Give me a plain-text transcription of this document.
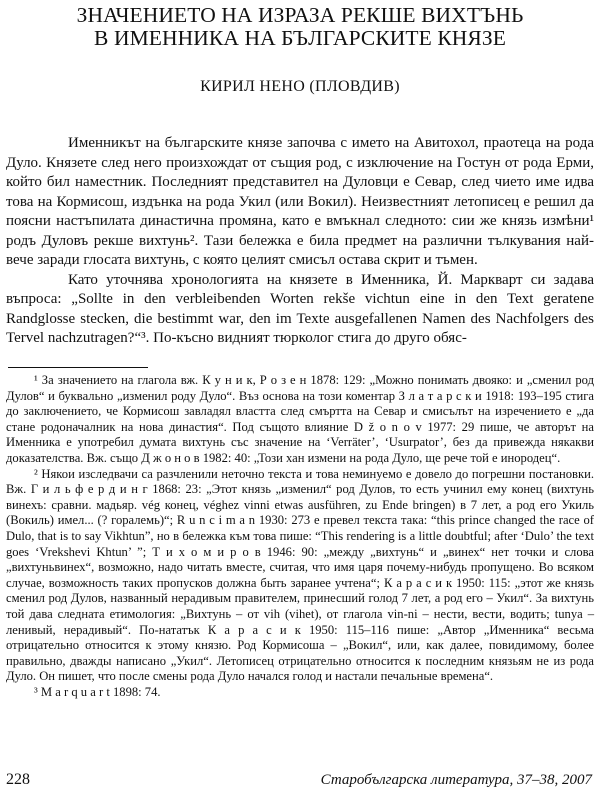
ЗНАЧЕНИЕТО НА ИЗРАЗА РЕКШЕ ВИХТЪНЬ
В ИМЕННИКА НА БЪЛГАРСКИТЕ КНЯЗЕ
КИРИЛ НЕНО (ПЛОВДИВ)

Именникът на българските князе започва с името на Авитохол, праотеца на рода Дуло. Князете след него произхождат от същия род, с изключение на Гостун от рода Ерми, който бил наместник. Последният представител на Дуловци е Севар, след чието име идва това на Кормисош, издънка на рода Укил (или Вокил). Неизвестният летописец е решил да поясни настъпилата династична промяна, като е вмъкнал следното: сии же князь измѣни¹ родъ Дуловъ рекше вихтунь². Тази бележка е била предмет на различни тълкувания най-вече заради глосата вихтунь, с която целият смисъл остава скрит и тъмен.

Като уточнява хронологията на князете в Именника, Й. Маркварт си задава въпроса: „Sollte in den verbleibenden Worten rekše vichtun eine in den Text geratene Randglosse stecken, die bestimmt war, den im Texte ausgefallenen Namen des Nachfolgers des Tervel nachzutragen?“³. По-късно видният тюрколог стига до друго обяс-

¹ За значението на глагола вж. К у н и к, Р о з е н 1878: 129: „Можно понимать двояко: и „сменил род Дулов“ и буквально „изменил роду Дуло“. Въз основа на този коментар З л а т а р с к и 1918: 193–195 стига до заключението, че Кормисош завладял властта след смъртта на Севар и смисълът на изречението е „да стане родоначалник на нова династия“. Под същото влияние D ž o n o v 1977: 29 пише, че авторът на Именника е употребил думата вихтунь със значение на ‘Verräter’, ‘Usurpator’, без да привежда някакви доказателства. Вж. също Д ж о н о в 1982: 40: „Този хан измени на рода Дуло, ще рече той е инородец“.

² Някои изследвачи са разчленили неточно текста и това неминуемо е довело до погрешни постановки. Вж. Г и л ь ф е р д и н г 1868: 23: „Этот князь „изменил“ род Дулов, то есть учинил ему конец (вихтунь винехъ: сравни. мадьяр. vég конец, véghez vinni etwas ausführen, zu Ende bringen) в 7 лет, а род его Укиль (Вокиль) имел... (? горалемь)“; R u n c i m a n 1930: 273 е превел текста така: “this prince changed the race of Dulo, that is to say Vikhtun”, но в бележка към това пише: “This rendering is a little doubtful; after ‘Dulo’ the text goes ‘Vrekshevi Khtun’ ”; Т и х о м и р о в 1946: 90: „между „вихтунь“ и „винех“ нет точки и слова „вихтуньвинех“, возможно, надо читать вместе, считая, что имя царя почему-нибудь пропущено. Во всяком случае, возможность таких пропусков должна быть заранее учтена“; К а р а с и к 1950: 115: „этот же князь сменил род Дулов, названный нерадивым правителем, принесший голод 7 лет, а род его – Укил“. За вихтунь той дава следната етимология: „Вихтунь – от vih (vihet), от глагола vin-ni – нести, вести, водить; tunya – ленивый, нерадивый“. По-нататък К а р а с и к 1950: 115–116 пише: „Автор „Именника“ весьма отрицательно относится к этому князю. Род Кормисоша – „Вокил“, или, как далее, повидимому, более правильно, дважды написано „Укил“. Летописец отрицательно относится к последним князьям не из рода Дуло. Он пишет, что после смены рода Дуло начался голод и настали печальные времена“.

³ M a r q u a r t 1898: 74.

228	Старобългарска литература, 37–38, 2007
